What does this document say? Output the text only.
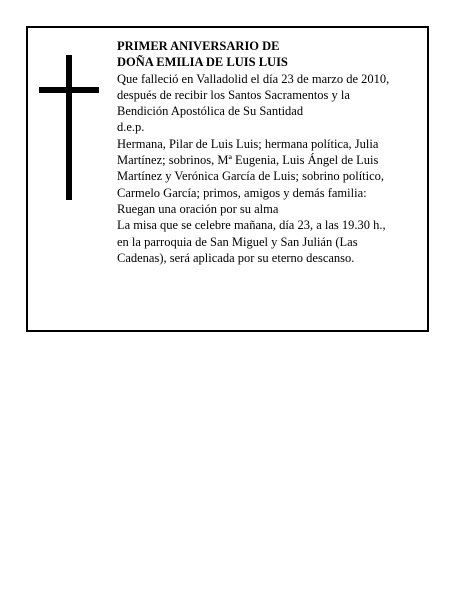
PRIMER ANIVERSARIO DE
DOÑA EMILIA DE LUIS LUIS
Que falleció en Valladolid el día 23 de marzo de 2010,
después de recibir los Santos Sacramentos y la
Bendición Apostólica de Su Santidad
d.e.p.
Hermana, Pilar de Luis Luis; hermana política, Julia
Martínez; sobrinos, Mª Eugenia, Luis Ángel de Luis
Martínez y Verónica García de Luis; sobrino político,
Carmelo García; primos, amigos y demás familia:
Ruegan una oración por su alma
La misa que se celebre mañana, día 23, a las 19.30 h.,
en la parroquia de San Miguel y San Julián (Las
Cadenas), será aplicada por su eterno descanso.
